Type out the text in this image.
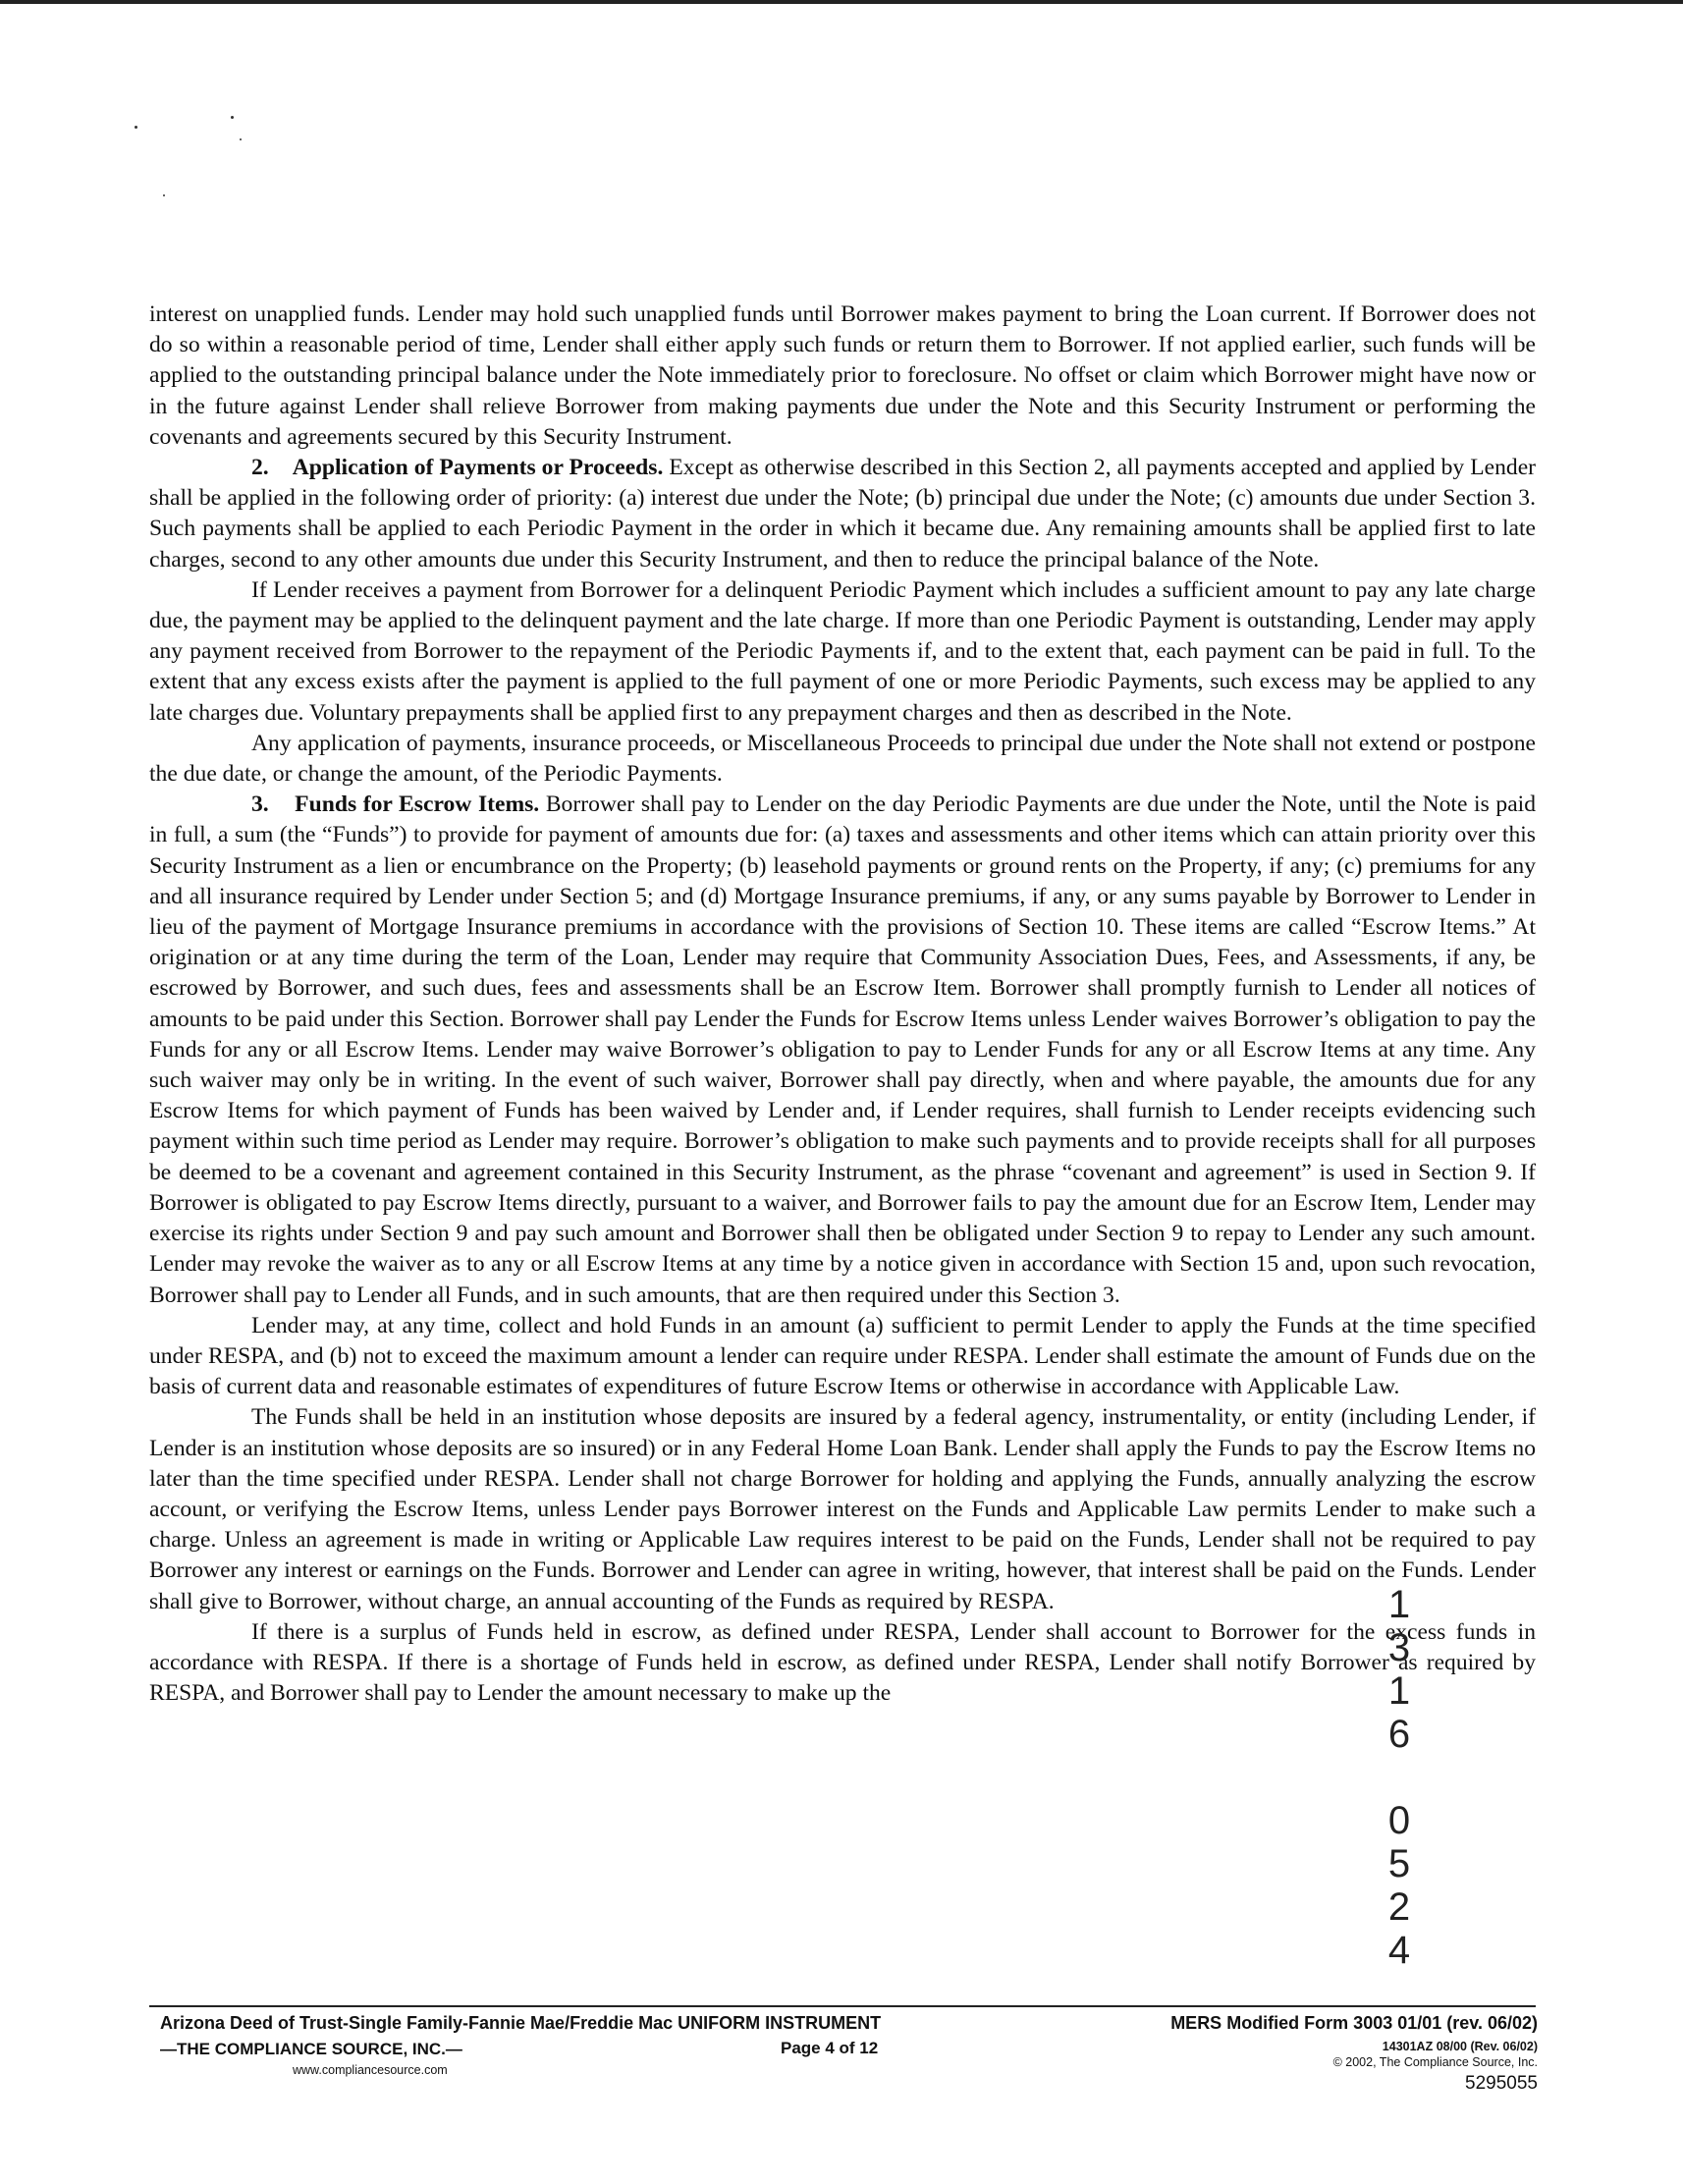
interest on unapplied funds. Lender may hold such unapplied funds until Borrower makes payment to bring the Loan current. If Borrower does not do so within a reasonable period of time, Lender shall either apply such funds or return them to Borrower. If not applied earlier, such funds will be applied to the outstanding principal balance under the Note immediately prior to foreclosure. No offset or claim which Borrower might have now or in the future against Lender shall relieve Borrower from making payments due under the Note and this Security Instrument or performing the covenants and agreements secured by this Security Instrument.

2. Application of Payments or Proceeds. Except as otherwise described in this Section 2, all payments accepted and applied by Lender shall be applied in the following order of priority: (a) interest due under the Note; (b) principal due under the Note; (c) amounts due under Section 3. Such payments shall be applied to each Periodic Payment in the order in which it became due. Any remaining amounts shall be applied first to late charges, second to any other amounts due under this Security Instrument, and then to reduce the principal balance of the Note.

If Lender receives a payment from Borrower for a delinquent Periodic Payment which includes a sufficient amount to pay any late charge due, the payment may be applied to the delinquent payment and the late charge. If more than one Periodic Payment is outstanding, Lender may apply any payment received from Borrower to the repayment of the Periodic Payments if, and to the extent that, each payment can be paid in full. To the extent that any excess exists after the payment is applied to the full payment of one or more Periodic Payments, such excess may be applied to any late charges due. Voluntary prepayments shall be applied first to any prepayment charges and then as described in the Note.

Any application of payments, insurance proceeds, or Miscellaneous Proceeds to principal due under the Note shall not extend or postpone the due date, or change the amount, of the Periodic Payments.

3. Funds for Escrow Items. Borrower shall pay to Lender on the day Periodic Payments are due under the Note, until the Note is paid in full, a sum (the “Funds”) to provide for payment of amounts due for: (a) taxes and assessments and other items which can attain priority over this Security Instrument as a lien or encumbrance on the Property; (b) leasehold payments or ground rents on the Property, if any; (c) premiums for any and all insurance required by Lender under Section 5; and (d) Mortgage Insurance premiums, if any, or any sums payable by Borrower to Lender in lieu of the payment of Mortgage Insurance premiums in accordance with the provisions of Section 10. These items are called “Escrow Items.” At origination or at any time during the term of the Loan, Lender may require that Community Association Dues, Fees, and Assessments, if any, be escrowed by Borrower, and such dues, fees and assessments shall be an Escrow Item. Borrower shall promptly furnish to Lender all notices of amounts to be paid under this Section. Borrower shall pay Lender the Funds for Escrow Items unless Lender waives Borrower’s obligation to pay the Funds for any or all Escrow Items. Lender may waive Borrower’s obligation to pay to Lender Funds for any or all Escrow Items at any time. Any such waiver may only be in writing. In the event of such waiver, Borrower shall pay directly, when and where payable, the amounts due for any Escrow Items for which payment of Funds has been waived by Lender and, if Lender requires, shall furnish to Lender receipts evidencing such payment within such time period as Lender may require. Borrower’s obligation to make such payments and to provide receipts shall for all purposes be deemed to be a covenant and agreement contained in this Security Instrument, as the phrase “covenant and agreement” is used in Section 9. If Borrower is obligated to pay Escrow Items directly, pursuant to a waiver, and Borrower fails to pay the amount due for an Escrow Item, Lender may exercise its rights under Section 9 and pay such amount and Borrower shall then be obligated under Section 9 to repay to Lender any such amount. Lender may revoke the waiver as to any or all Escrow Items at any time by a notice given in accordance with Section 15 and, upon such revocation, Borrower shall pay to Lender all Funds, and in such amounts, that are then required under this Section 3.

Lender may, at any time, collect and hold Funds in an amount (a) sufficient to permit Lender to apply the Funds at the time specified under RESPA, and (b) not to exceed the maximum amount a lender can require under RESPA. Lender shall estimate the amount of Funds due on the basis of current data and reasonable estimates of expenditures of future Escrow Items or otherwise in accordance with Applicable Law.

The Funds shall be held in an institution whose deposits are insured by a federal agency, instrumentality, or entity (including Lender, if Lender is an institution whose deposits are so insured) or in any Federal Home Loan Bank. Lender shall apply the Funds to pay the Escrow Items no later than the time specified under RESPA. Lender shall not charge Borrower for holding and applying the Funds, annually analyzing the escrow account, or verifying the Escrow Items, unless Lender pays Borrower interest on the Funds and Applicable Law permits Lender to make such a charge. Unless an agreement is made in writing or Applicable Law requires interest to be paid on the Funds, Lender shall not be required to pay Borrower any interest or earnings on the Funds. Borrower and Lender can agree in writing, however, that interest shall be paid on the Funds. Lender shall give to Borrower, without charge, an annual accounting of the Funds as required by RESPA.

If there is a surplus of Funds held in escrow, as defined under RESPA, Lender shall account to Borrower for the excess funds in accordance with RESPA. If there is a shortage of Funds held in escrow, as defined under RESPA, Lender shall notify Borrower as required by RESPA, and Borrower shall pay to Lender the amount necessary to make up the	1316 0524
Arizona Deed of Trust-Single Family-Fannie Mae/Freddie Mac UNIFORM INSTRUMENT
—THE COMPLIANCE SOURCE, INC.—
www.compliancesource.com
Page 4 of 12
MERS Modified Form 3003 01/01 (rev. 06/02)
14301AZ 08/00 (Rev. 06/02)
© 2002, The Compliance Source, Inc.
5295055
